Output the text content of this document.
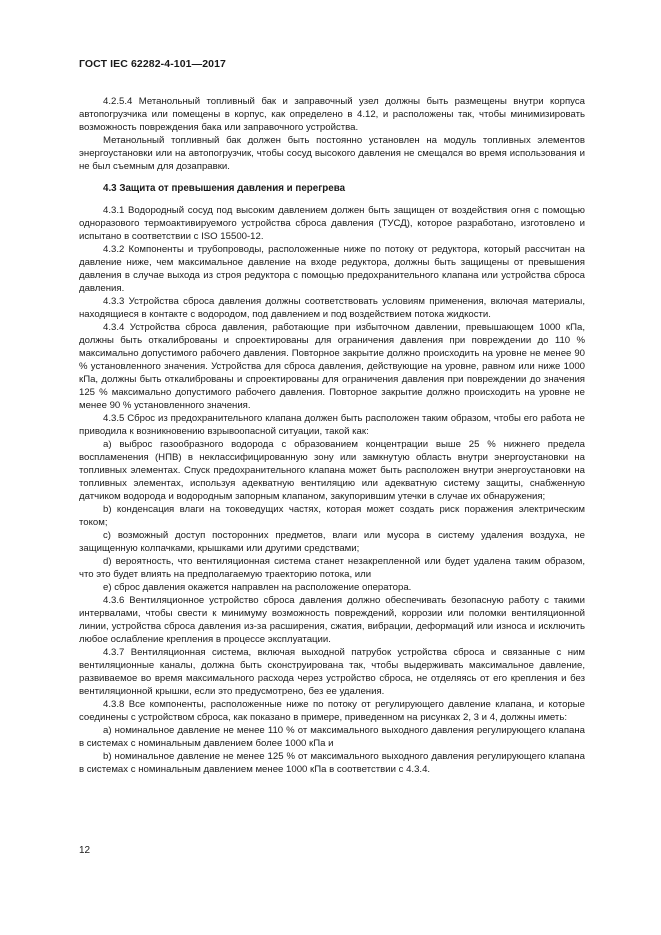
ГОСТ IEC 62282-4-101—2017

4.2.5.4 Метанольный топливный бак и заправочный узел должны быть размещены внутри корпуса автопогрузчика или помещены в корпус, как определено в 4.12, и расположены так, чтобы минимизировать возможность повреждения бака или заправочного устройства.

Метанольный топливный бак должен быть постоянно установлен на модуль топливных элементов энергоустановки или на автопогрузчик, чтобы сосуд высокого давления не смещался во время использования и не был съемным для дозаправки.

4.3 Защита от превышения давления и перегрева

4.3.1 Водородный сосуд под высоким давлением должен быть защищен от воздействия огня с помощью одноразового термоактивируемого устройства сброса давления (ТУСД), которое разработано, изготовлено и испытано в соответствии с ISO 15500-12.

4.3.2 Компоненты и трубопроводы, расположенные ниже по потоку от редуктора, который рассчитан на давление ниже, чем максимальное давление на входе редуктора, должны быть защищены от превышения давления в случае выхода из строя редуктора с помощью предохранительного клапана или устройства сброса давления.

4.3.3 Устройства сброса давления должны соответствовать условиям применения, включая материалы, находящиеся в контакте с водородом, под давлением и под воздействием потока жидкости.

4.3.4 Устройства сброса давления, работающие при избыточном давлении, превышающем 1000 кПа, должны быть откалиброваны и спроектированы для ограничения давления при повреждении до 110 % максимально допустимого рабочего давления. Повторное закрытие должно происходить на уровне не менее 90 % установленного значения. Устройства для сброса давления, действующие на уровне, равном или ниже 1000 кПа, должны быть откалиброваны и спроектированы для ограничения давления при повреждении до значения 125 % максимально допустимого рабочего давления. Повторное закрытие должно происходить на уровне не менее 90 % установленного значения.

4.3.5 Сброс из предохранительного клапана должен быть расположен таким образом, чтобы его работа не приводила к возникновению взрывоопасной ситуации, такой как:

a) выброс газообразного водорода с образованием концентрации выше 25 % нижнего предела воспламенения (НПВ) в неклассифицированную зону или замкнутую область внутри энергоустановки на топливных элементах. Спуск предохранительного клапана может быть расположен внутри энергоустановки на топливных элементах, используя адекватную вентиляцию или адекватную систему защиты, снабженную датчиком водорода и водородным запорным клапаном, закупорившим утечки в случае их обнаружения;

b) конденсация влаги на токоведущих частях, которая может создать риск поражения электрическим током;

c) возможный доступ посторонних предметов, влаги или мусора в систему удаления воздуха, не защищенную колпачками, крышками или другими средствами;

d) вероятность, что вентиляционная система станет незакрепленной или будет удалена таким образом, что это будет влиять на предполагаемую траекторию потока, или

e) сброс давления окажется направлен на расположение оператора.

4.3.6 Вентиляционное устройство сброса давления должно обеспечивать безопасную работу с такими интервалами, чтобы свести к минимуму возможность повреждений, коррозии или поломки вентиляционной линии, устройства сброса давления из-за расширения, сжатия, вибрации, деформаций или износа и исключить любое ослабление крепления в процессе эксплуатации.

4.3.7 Вентиляционная система, включая выходной патрубок устройства сброса и связанные с ним вентиляционные каналы, должна быть сконструирована так, чтобы выдерживать максимальное давление, развиваемое во время максимального расхода через устройство сброса, не отделяясь от его крепления и без вентиляционной крышки, если это предусмотрено, без ее удаления.

4.3.8 Все компоненты, расположенные ниже по потоку от регулирующего давление клапана, и которые соединены с устройством сброса, как показано в примере, приведенном на рисунках 2, 3 и 4, должны иметь:

a) номинальное давление не менее 110 % от максимального выходного давления регулирующего клапана в системах с номинальным давлением более 1000 кПа и

b) номинальное давление не менее 125 % от максимального выходного давления регулирующего клапана в системах с номинальным давлением менее 1000 кПа в соответствии с 4.3.4.

12
